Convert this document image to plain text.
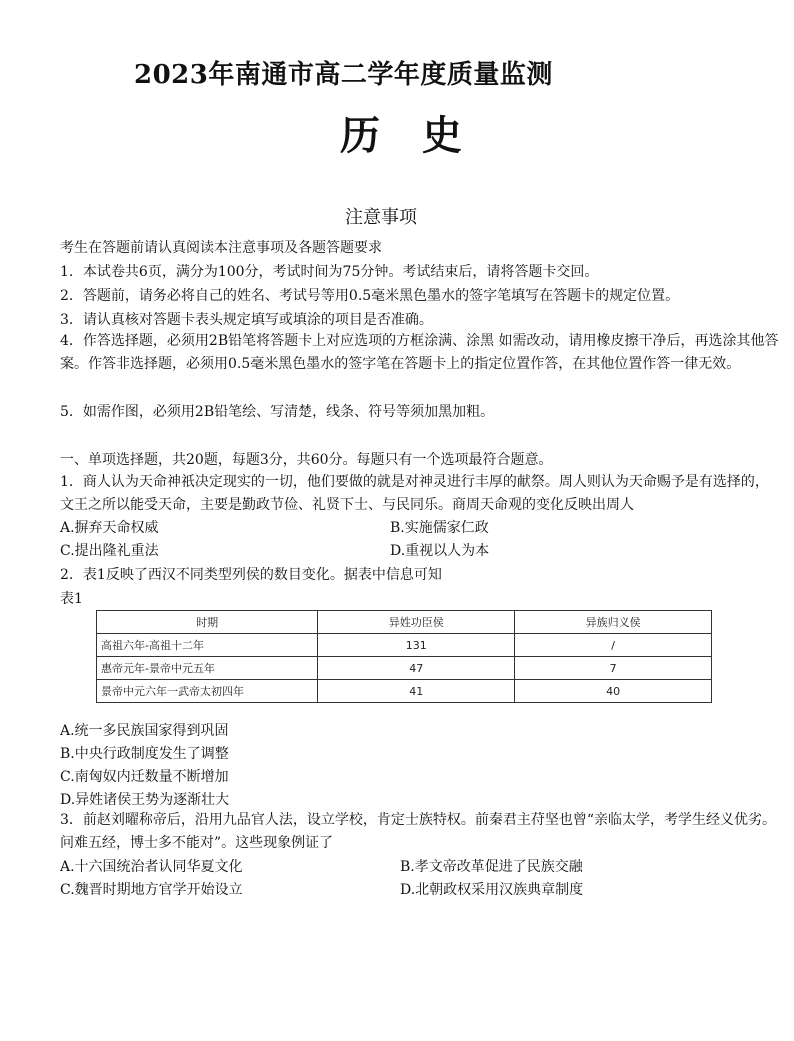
2023年南通市高二学年度质量监测
历 史
注意事项
考生在答题前请认真阅读本注意事项及各题答题要求
1．本试卷共6页，满分为100分，考试时间为75分钟。考试结束后，请将答题卡交回。
2．答题前，请务必将自己的姓名、考试号等用0.5毫米黑色墨水的签字笔填写在答题卡的规定位置。
3．请认真核对答题卡表头规定填写或填涂的项目是否准确。
4．作答选择题，必须用2B铅笔将答题卡上对应选项的方框涂满、涂黑 如需改动，请用橡皮擦干净后，再选涂其他答案。作答非选择题，必须用0.5毫米黑色墨水的签字笔在答题卡上的指定位置作答，在其他位置作答一律无效。
5．如需作图，必须用2B铅笔绘、写清楚，线条、符号等须加黑加粗。
一、单项选择题，共20题，每题3分，共60分。每题只有一个选项最符合题意。
1．商人认为天命神祇决定现实的一切，他们要做的就是对神灵进行丰厚的献祭。周人则认为天命赐予是有选择的，文王之所以能受天命，主要是勤政节俭、礼贤下士、与民同乐。商周天命观的变化反映出周人
A.摒弃天命权威	B.实施儒家仁政
C.提出隆礼重法	D.重视以人为本
2．表1反映了西汉不同类型列侯的数目变化。据表中信息可知
表1
时期	异姓功臣侯	异族归义侯
高祖六年-高祖十二年	131	/
惠帝元年-景帝中元五年	47	7
景帝中元六年一武帝太初四年	41	40
A.统一多民族国家得到巩固
B.中央行政制度发生了调整
C.南匈奴内迁数量不断增加
D.异姓诸侯王势为逐渐壮大
3．前赵刘曜称帝后，沿用九品官人法，设立学校，肯定士族特权。前秦君主苻坚也曾“亲临太学，考学生经义优劣。问难五经，博士多不能对”。这些现象例证了
A.十六国统治者认同华夏文化	B.孝文帝改革促进了民族交融
C.魏晋时期地方官学开始设立	D.北朝政权采用汉族典章制度
